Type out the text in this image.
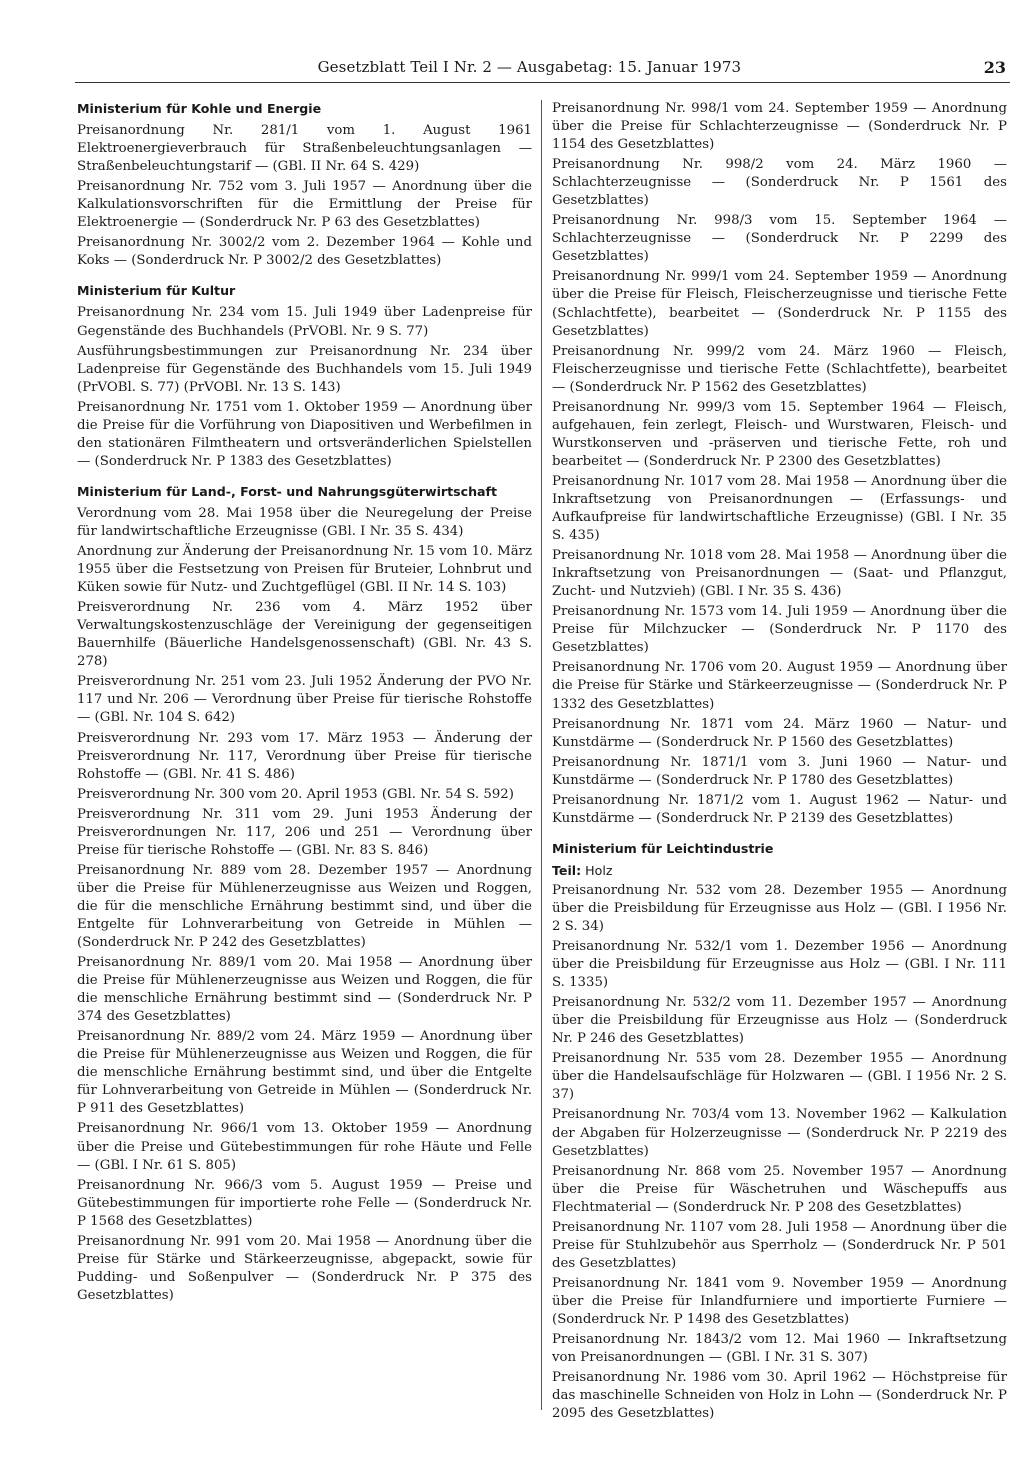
Gesetzblatt Teil I Nr. 2 — Ausgabetag: 15. Januar 1973	23
Ministerium für Kohle und Energie
Preisanordnung Nr. 281/1 vom 1. August 1961 Elektroenergieverbrauch für Straßenbeleuchtungsanlagen — Straßenbeleuchtungstarif — (GBl. II Nr. 64 S. 429)
Preisanordnung Nr. 752 vom 3. Juli 1957 — Anordnung über die Kalkulationsvorschriften für die Ermittlung der Preise für Elektroenergie — (Sonderdruck Nr. P 63 des Gesetzblattes)
Preisanordnung Nr. 3002/2 vom 2. Dezember 1964 — Kohle und Koks — (Sonderdruck Nr. P 3002/2 des Gesetzblattes)
Ministerium für Kultur
Preisanordnung Nr. 234 vom 15. Juli 1949 über Ladenpreise für Gegenstände des Buchhandels (PrVOBl. Nr. 9 S. 77)
Ausführungsbestimmungen zur Preisanordnung Nr. 234 über Ladenpreise für Gegenstände des Buchhandels vom 15. Juli 1949 (PrVOBl. S. 77) (PrVOBl. Nr. 13 S. 143)
Preisanordnung Nr. 1751 vom 1. Oktober 1959 — Anordnung über die Preise für die Vorführung von Diapositiven und Werbefilmen in den stationären Filmtheatern und ortsveränderlichen Spielstellen — (Sonderdruck Nr. P 1383 des Gesetzblattes)
Ministerium für Land-, Forst- und Nahrungsgüterwirtschaft
Verordnung vom 28. Mai 1958 über die Neuregelung der Preise für landwirtschaftliche Erzeugnisse (GBl. I Nr. 35 S. 434)
Anordnung zur Änderung der Preisanordnung Nr. 15 vom 10. März 1955 über die Festsetzung von Preisen für Bruteier, Lohnbrut und Küken sowie für Nutz- und Zuchtgeflügel (GBl. II Nr. 14 S. 103)
Preisverordnung Nr. 236 vom 4. März 1952 über Verwaltungskostenzuschläge der Vereinigung der gegenseitigen Bauernhilfe (Bäuerliche Handelsgenossenschaft) (GBl. Nr. 43 S. 278)
Preisverordnung Nr. 251 vom 23. Juli 1952 Änderung der PVO Nr. 117 und Nr. 206 — Verordnung über Preise für tierische Rohstoffe — (GBl. Nr. 104 S. 642)
Preisverordnung Nr. 293 vom 17. März 1953 — Änderung der Preisverordnung Nr. 117, Verordnung über Preise für tierische Rohstoffe — (GBl. Nr. 41 S. 486)
Preisverordnung Nr. 300 vom 20. April 1953 (GBl. Nr. 54 S. 592)
Preisverordnung Nr. 311 vom 29. Juni 1953 Änderung der Preisverordnungen Nr. 117, 206 und 251 — Verordnung über Preise für tierische Rohstoffe — (GBl. Nr. 83 S. 846)
Preisanordnung Nr. 889 vom 28. Dezember 1957 — Anordnung über die Preise für Mühlenerzeugnisse aus Weizen und Roggen, die für die menschliche Ernährung bestimmt sind, und über die Entgelte für Lohnverarbeitung von Getreide in Mühlen — (Sonderdruck Nr. P 242 des Gesetzblattes)
Preisanordnung Nr. 889/1 vom 20. Mai 1958 — Anordnung über die Preise für Mühlenerzeugnisse aus Weizen und Roggen, die für die menschliche Ernährung bestimmt sind — (Sonderdruck Nr. P 374 des Gesetzblattes)
Preisanordnung Nr. 889/2 vom 24. März 1959 — Anordnung über die Preise für Mühlenerzeugnisse aus Weizen und Roggen, die für die menschliche Ernährung bestimmt sind, und über die Entgelte für Lohnverarbeitung von Getreide in Mühlen — (Sonderdruck Nr. P 911 des Gesetzblattes)
Preisanordnung Nr. 966/1 vom 13. Oktober 1959 — Anordnung über die Preise und Gütebestimmungen für rohe Häute und Felle — (GBl. I Nr. 61 S. 805)
Preisanordnung Nr. 966/3 vom 5. August 1959 — Preise und Gütebestimmungen für importierte rohe Felle — (Sonderdruck Nr. P 1568 des Gesetzblattes)
Preisanordnung Nr. 991 vom 20. Mai 1958 — Anordnung über die Preise für Stärke und Stärkeerzeugnisse, abgepackt, sowie für Pudding- und Soßenpulver — (Sonderdruck Nr. P 375 des Gesetzblattes)
Preisanordnung Nr. 998/1 vom 24. September 1959 — Anordnung über die Preise für Schlachterzeugnisse — (Sonderdruck Nr. P 1154 des Gesetzblattes)
Preisanordnung Nr. 998/2 vom 24. März 1960 — Schlachterzeugnisse — (Sonderdruck Nr. P 1561 des Gesetzblattes)
Preisanordnung Nr. 998/3 vom 15. September 1964 — Schlachterzeugnisse — (Sonderdruck Nr. P 2299 des Gesetzblattes)
Preisanordnung Nr. 999/1 vom 24. September 1959 — Anordnung über die Preise für Fleisch, Fleischerzeugnisse und tierische Fette (Schlachtfette), bearbeitet — (Sonderdruck Nr. P 1155 des Gesetzblattes)
Preisanordnung Nr. 999/2 vom 24. März 1960 — Fleisch, Fleischerzeugnisse und tierische Fette (Schlachtfette), bearbeitet — (Sonderdruck Nr. P 1562 des Gesetzblattes)
Preisanordnung Nr. 999/3 vom 15. September 1964 — Fleisch, aufgehauen, fein zerlegt, Fleisch- und Wurstwaren, Fleisch- und Wurstkonserven und -präserven und tierische Fette, roh und bearbeitet — (Sonderdruck Nr. P 2300 des Gesetzblattes)
Preisanordnung Nr. 1017 vom 28. Mai 1958 — Anordnung über die Inkraftsetzung von Preisanordnungen — (Erfassungs- und Aufkaufpreise für landwirtschaftliche Erzeugnisse) (GBl. I Nr. 35 S. 435)
Preisanordnung Nr. 1018 vom 28. Mai 1958 — Anordnung über die Inkraftsetzung von Preisanordnungen — (Saat- und Pflanzgut, Zucht- und Nutzvieh) (GBl. I Nr. 35 S. 436)
Preisanordnung Nr. 1573 vom 14. Juli 1959 — Anordnung über die Preise für Milchzucker — (Sonderdruck Nr. P 1170 des Gesetzblattes)
Preisanordnung Nr. 1706 vom 20. August 1959 — Anordnung über die Preise für Stärke und Stärkeerzeugnisse — (Sonderdruck Nr. P 1332 des Gesetzblattes)
Preisanordnung Nr. 1871 vom 24. März 1960 — Natur- und Kunstdärme — (Sonderdruck Nr. P 1560 des Gesetzblattes)
Preisanordnung Nr. 1871/1 vom 3. Juni 1960 — Natur- und Kunstdärme — (Sonderdruck Nr. P 1780 des Gesetzblattes)
Preisanordnung Nr. 1871/2 vom 1. August 1962 — Natur- und Kunstdärme — (Sonderdruck Nr. P 2139 des Gesetzblattes)
Ministerium für Leichtindustrie
Teil: Holz
Preisanordnung Nr. 532 vom 28. Dezember 1955 — Anordnung über die Preisbildung für Erzeugnisse aus Holz — (GBl. I 1956 Nr. 2 S. 34)
Preisanordnung Nr. 532/1 vom 1. Dezember 1956 — Anordnung über die Preisbildung für Erzeugnisse aus Holz — (GBl. I Nr. 111 S. 1335)
Preisanordnung Nr. 532/2 vom 11. Dezember 1957 — Anordnung über die Preisbildung für Erzeugnisse aus Holz — (Sonderdruck Nr. P 246 des Gesetzblattes)
Preisanordnung Nr. 535 vom 28. Dezember 1955 — Anordnung über die Handelsaufschläge für Holzwaren — (GBl. I 1956 Nr. 2 S. 37)
Preisanordnung Nr. 703/4 vom 13. November 1962 — Kalkulation der Abgaben für Holzerzeugnisse — (Sonderdruck Nr. P 2219 des Gesetzblattes)
Preisanordnung Nr. 868 vom 25. November 1957 — Anordnung über die Preise für Wäschetruhen und Wäschepuffs aus Flechtmaterial — (Sonderdruck Nr. P 208 des Gesetzblattes)
Preisanordnung Nr. 1107 vom 28. Juli 1958 — Anordnung über die Preise für Stuhlzubehör aus Sperrholz — (Sonderdruck Nr. P 501 des Gesetzblattes)
Preisanordnung Nr. 1841 vom 9. November 1959 — Anordnung über die Preise für Inlandfurniere und importierte Furniere — (Sonderdruck Nr. P 1498 des Gesetzblattes)
Preisanordnung Nr. 1843/2 vom 12. Mai 1960 — Inkraftsetzung von Preisanordnungen — (GBl. I Nr. 31 S. 307)
Preisanordnung Nr. 1986 vom 30. April 1962 — Höchstpreise für das maschinelle Schneiden von Holz in Lohn — (Sonderdruck Nr. P 2095 des Gesetzblattes)
